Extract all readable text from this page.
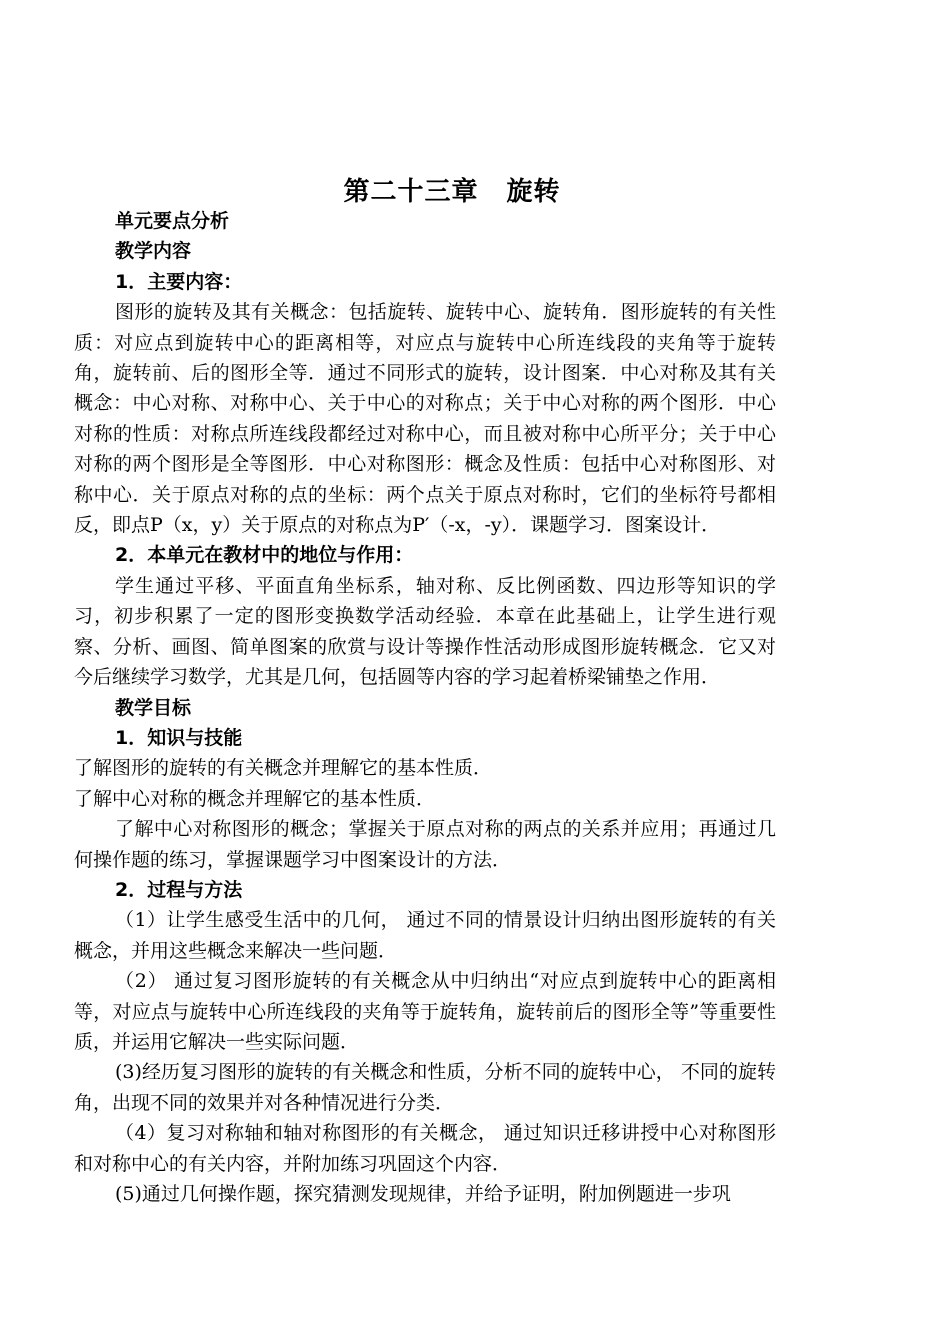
第二十三章 旋转

单元要点分析

教学内容

1．主要内容：

图形的旋转及其有关概念：包括旋转、旋转中心、旋转角．图形旋转的有关性质：对应点到旋转中心的距离相等，对应点与旋转中心所连线段的夹角等于旋转角，旋转前、后的图形全等．通过不同形式的旋转，设计图案．中心对称及其有关概念：中心对称、对称中心、关于中心的对称点；关于中心对称的两个图形．中心对称的性质：对称点所连线段都经过对称中心，而且被对称中心所平分；关于中心对称的两个图形是全等图形．中心对称图形：概念及性质：包括中心对称图形、对称中心．关于原点对称的点的坐标：两个点关于原点对称时，它们的坐标符号都相反，即点P（x，y）关于原点的对称点为P′（-x，-y）．课题学习．图案设计．

2．本单元在教材中的地位与作用：

学生通过平移、平面直角坐标系，轴对称、反比例函数、四边形等知识的学习，初步积累了一定的图形变换数学活动经验．本章在此基础上，让学生进行观察、分析、画图、简单图案的欣赏与设计等操作性活动形成图形旋转概念．它又对今后继续学习数学，尤其是几何，包括圆等内容的学习起着桥梁铺垫之作用．

教学目标

1．知识与技能

了解图形的旋转的有关概念并理解它的基本性质．

了解中心对称的概念并理解它的基本性质．

了解中心对称图形的概念；掌握关于原点对称的两点的关系并应用；再通过几何操作题的练习，掌握课题学习中图案设计的方法．

2．过程与方法

（1）让学生感受生活中的几何， 通过不同的情景设计归纳出图形旋转的有关概念，并用这些概念来解决一些问题．

（2） 通过复习图形旋转的有关概念从中归纳出“对应点到旋转中心的距离相等，对应点与旋转中心所连线段的夹角等于旋转角，旋转前后的图形全等”等重要性质，并运用它解决一些实际问题．

(3)经历复习图形的旋转的有关概念和性质，分析不同的旋转中心， 不同的旋转角，出现不同的效果并对各种情况进行分类．

（4）复习对称轴和轴对称图形的有关概念， 通过知识迁移讲授中心对称图形和对称中心的有关内容，并附加练习巩固这个内容．

(5)通过几何操作题，探究猜测发现规律，并给予证明，附加例题进一步巩
